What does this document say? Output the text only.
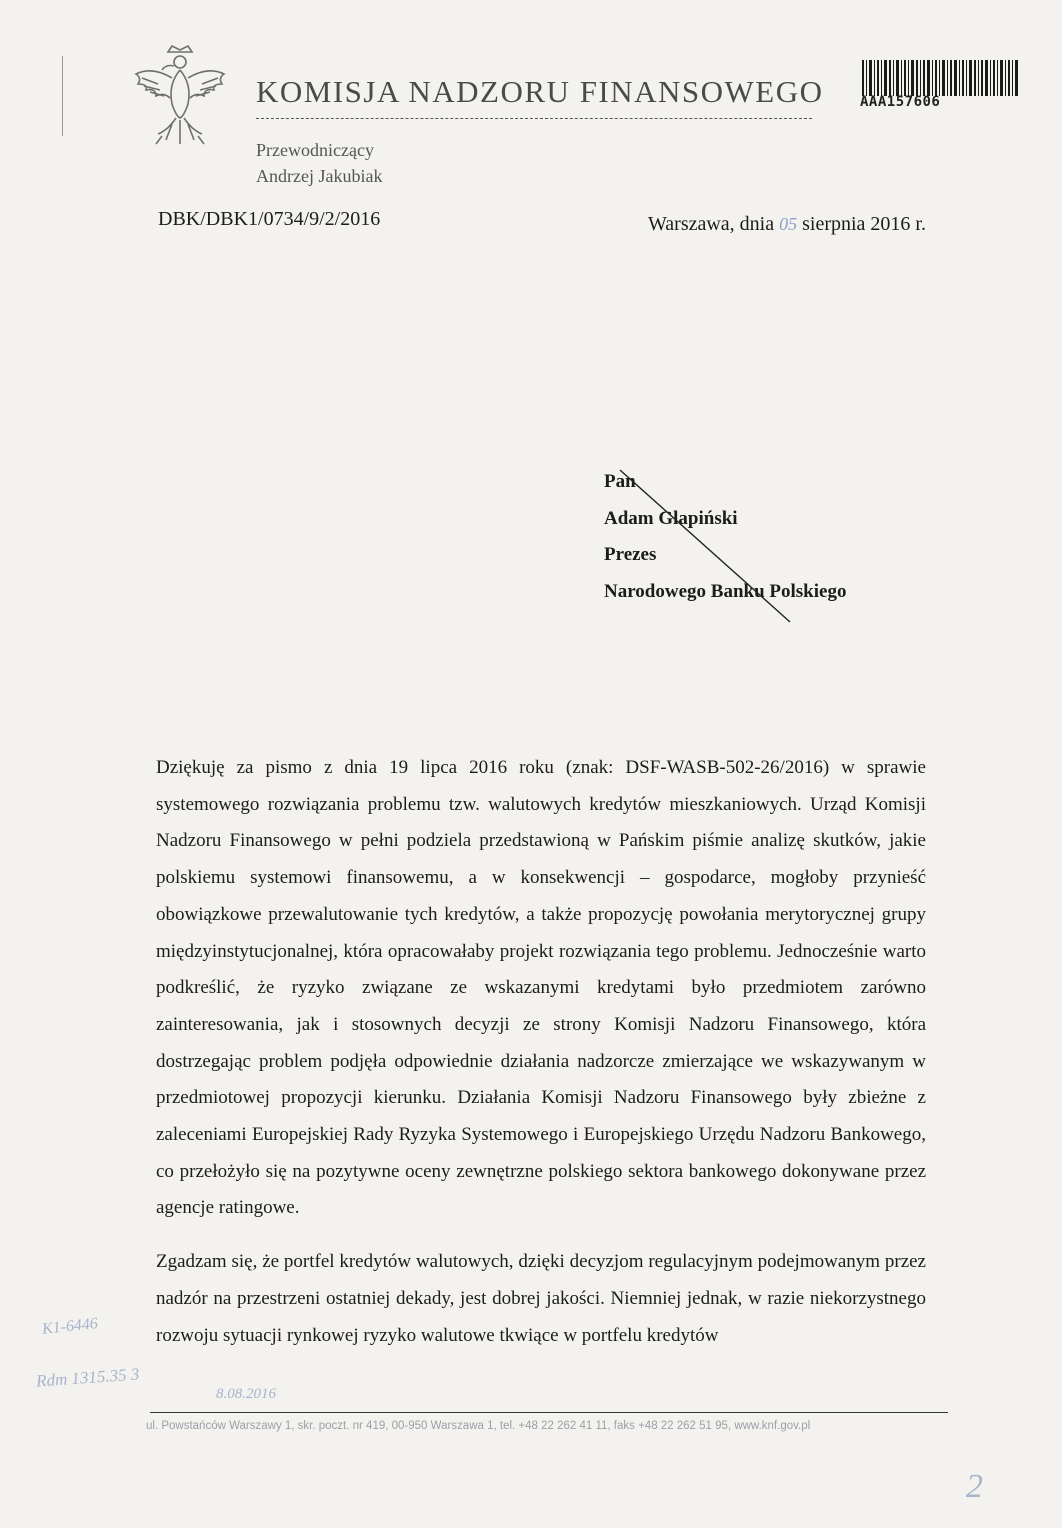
KOMISJA NADZORU FINANSOWEGO
Przewodniczący
Andrzej Jakubiak
AAA157606
DBK/DBK1/0734/9/2/2016	Warszawa, dnia 05 sierpnia 2016 r.
Pan
Adam Glapiński
Prezes
Narodowego Banku Polskiego

Dziękuję za pismo z dnia 19 lipca 2016 roku (znak: DSF-WASB-502-26/2016) w sprawie systemowego rozwiązania problemu tzw. walutowych kredytów mieszkaniowych. Urząd Komisji Nadzoru Finansowego w pełni podziela przedstawioną w Pańskim piśmie analizę skutków, jakie polskiemu systemowi finansowemu, a w konsekwencji – gospodarce, mogłoby przynieść obowiązkowe przewalutowanie tych kredytów, a także propozycję powołania merytorycznej grupy międzyinstytucjonalnej, która opracowałaby projekt rozwiązania tego problemu. Jednocześnie warto podkreślić, że ryzyko związane ze wskazanymi kredytami było przedmiotem zarówno zainteresowania, jak i stosownych decyzji ze strony Komisji Nadzoru Finansowego, która dostrzegając problem podjęła odpowiednie działania nadzorcze zmierzające we wskazywanym w przedmiotowej propozycji kierunku. Działania Komisji Nadzoru Finansowego były zbieżne z zaleceniami Europejskiej Rady Ryzyka Systemowego i Europejskiego Urzędu Nadzoru Bankowego, co przełożyło się na pozytywne oceny zewnętrzne polskiego sektora bankowego dokonywane przez agencje ratingowe.

Zgadzam się, że portfel kredytów walutowych, dzięki decyzjom regulacyjnym podejmowanym przez nadzór na przestrzeni ostatniej dekady, jest dobrej jakości. Niemniej jednak, w razie niekorzystnego rozwoju sytuacji rynkowej ryzyko walutowe tkwiące w portfelu kredytów

K1-6446
Rdm 1315.35 3
8.08.2016
2
ul. Powstańców Warszawy 1, skr. poczt. nr 419, 00-950 Warszawa 1, tel. +48 22 262 41 11, faks +48 22 262 51 95, www.knf.gov.pl
